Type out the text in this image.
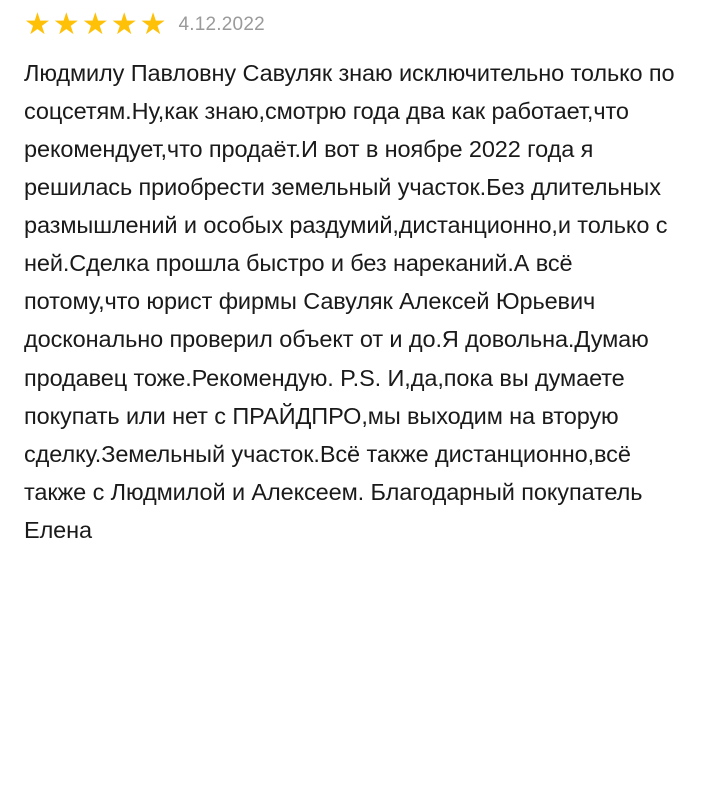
★ ★ ★ ★ ★ 4.12.2022
Людмилу Павловну Савуляк знаю исключительно только по соцсетям.Ну,как знаю,смотрю года два как работает,что рекомендует,что продаёт.И вот в ноябре 2022 года я решилась приобрести земельный участок.Без длительных размышлений и особых раздумий,дистанционно,и только с ней.Сделка прошла быстро и без нареканий.А всё потому,что юрист фирмы Савуляк Алексей Юрьевич досконально проверил объект от и до.Я довольна.Думаю продавец тоже.Рекомендую. P.S. И,да,пока вы думаете покупать или нет с ПРАЙДПРО,мы выходим на вторую сделку.Земельный участок.Всё также дистанционно,всё также с Людмилой и Алексеем. Благодарный покупатель Елена
